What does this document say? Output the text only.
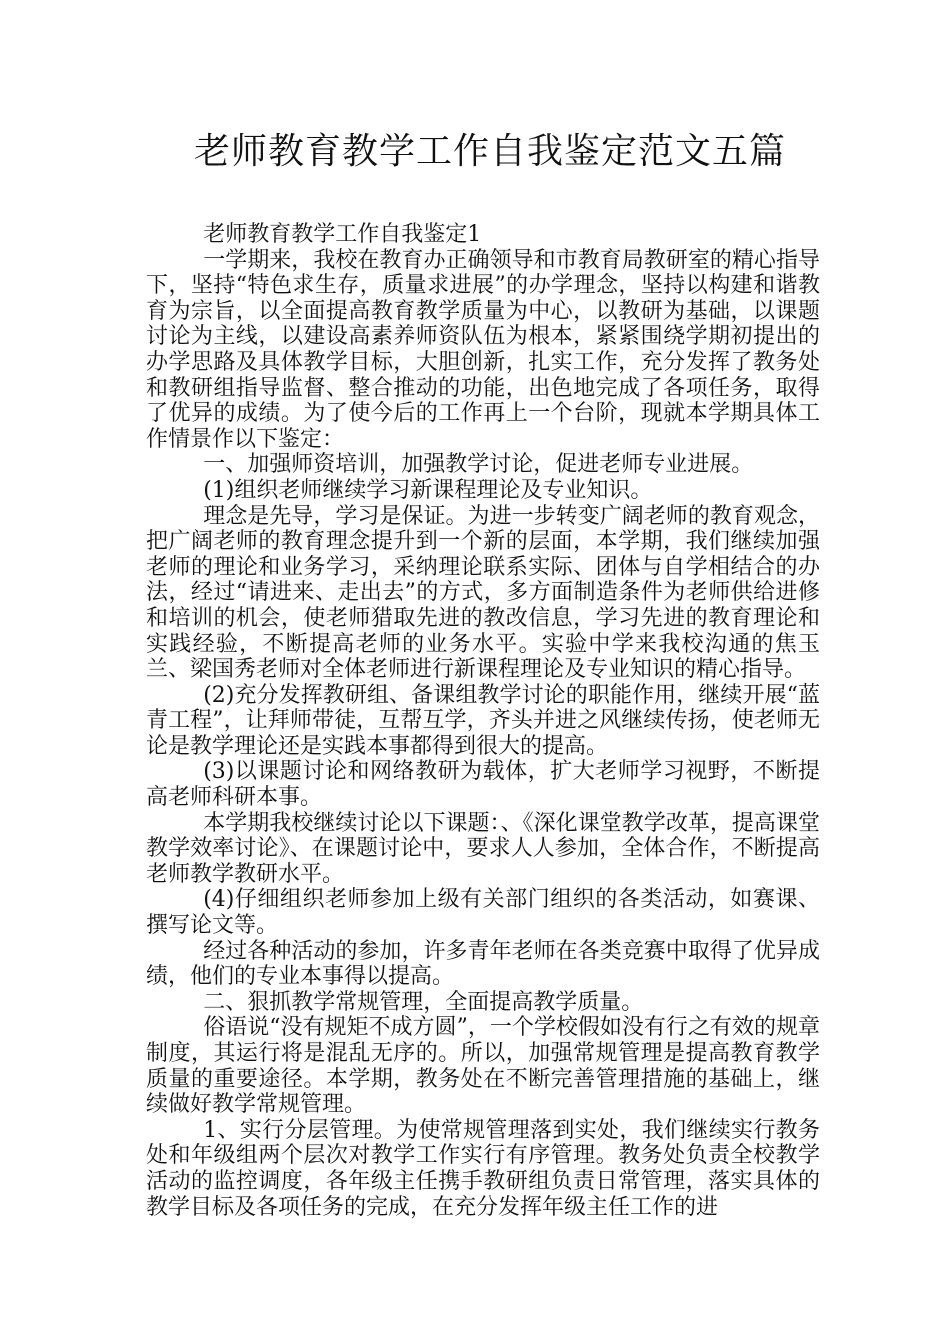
老师教育教学工作自我鉴定范文五篇

老师教育教学工作自我鉴定1

一学期来，我校在教育办正确领导和市教育局教研室的精心指导下，坚持“特色求生存，质量求进展”的办学理念，坚持以构建和谐教育为宗旨，以全面提高教育教学质量为中心，以教研为基础，以课题讨论为主线，以建设高素养师资队伍为根本，紧紧围绕学期初提出的办学思路及具体教学目标，大胆创新，扎实工作，充分发挥了教务处和教研组指导监督、整合推动的功能，出色地完成了各项任务，取得了优异的成绩。为了使今后的工作再上一个台阶，现就本学期具体工作情景作以下鉴定：

一、加强师资培训，加强教学讨论，促进老师专业进展。

(1)组织老师继续学习新课程理论及专业知识。

理念是先导，学习是保证。为进一步转变广阔老师的教育观念，把广阔老师的教育理念提升到一个新的层面，本学期，我们继续加强老师的理论和业务学习，采纳理论联系实际、团体与自学相结合的办法，经过“请进来、走出去”的方式，多方面制造条件为老师供给进修和培训的机会，使老师猎取先进的教改信息，学习先进的教育理论和实践经验，不断提高老师的业务水平。实验中学来我校沟通的焦玉兰、梁国秀老师对全体老师进行新课程理论及专业知识的精心指导。

(2)充分发挥教研组、备课组教学讨论的职能作用，继续开展“蓝青工程”，让拜师带徒，互帮互学，齐头并进之风继续传扬，使老师无论是教学理论还是实践本事都得到很大的提高。

(3)以课题讨论和网络教研为载体，扩大老师学习视野，不断提高老师科研本事。

本学期我校继续讨论以下课题：、《深化课堂教学改革，提高课堂教学效率讨论》、在课题讨论中，要求人人参加，全体合作，不断提高老师教学教研水平。

(4)仔细组织老师参加上级有关部门组织的各类活动，如赛课、撰写论文等。

经过各种活动的参加，许多青年老师在各类竞赛中取得了优异成绩，他们的专业本事得以提高。

二、狠抓教学常规管理，全面提高教学质量。

俗语说“没有规矩不成方圆”，一个学校假如没有行之有效的规章制度，其运行将是混乱无序的。所以，加强常规管理是提高教育教学质量的重要途径。本学期，教务处在不断完善管理措施的基础上，继续做好教学常规管理。

1、实行分层管理。为使常规管理落到实处，我们继续实行教务处和年级组两个层次对教学工作实行有序管理。教务处负责全校教学活动的监控调度，各年级主任携手教研组负责日常管理，落实具体的教学目标及各项任务的完成，在充分发挥年级主任工作的进
